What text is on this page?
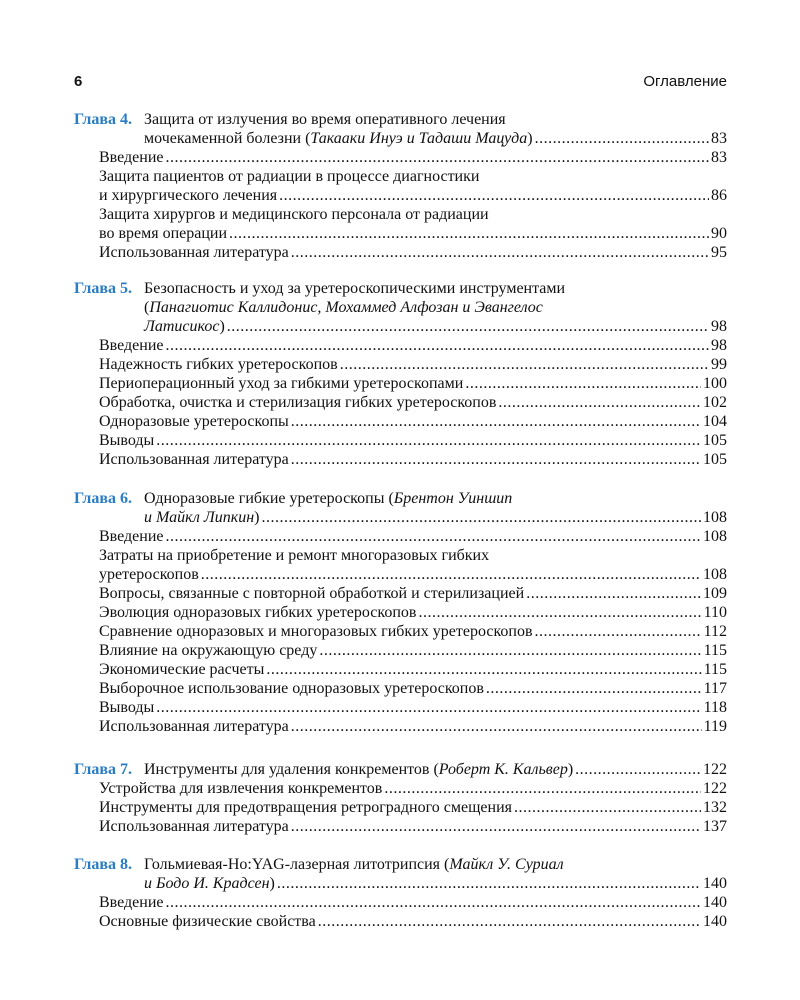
6	Оглавление
Глава 4. Защита от излучения во время оперативного лечения
мочекаменной болезни (Такааки Инуэ и Тадаши Мацуда) .....	83
Введение .....	83
Защита пациентов от радиации в процессе диагностики
и хирургического лечения .....	86
Защита хирургов и медицинского персонала от радиации
во время операции .....	90
Использованная литература .....	95
Глава 5. Безопасность и уход за уретероскопическими инструментами
(Панагиотис Каллидонис, Мохаммед Алфозан и Эвангелос
Латисикос) .....	98
Введение .....	98
Надежность гибких уретероскопов .....	99
Периоперационный уход за гибкими уретероскопами .....	100
Обработка, очистка и стерилизация гибких уретероскопов .....	102
Одноразовые уретероскопы .....	104
Выводы .....	105
Использованная литература .....	105
Глава 6. Одноразовые гибкие уретероскопы (Брентон Уиншип
и Майкл Липкин) .....	108
Введение .....	108
Затраты на приобретение и ремонт многоразовых гибких
уретероскопов .....	108
Вопросы, связанные с повторной обработкой и стерилизацией .....	109
Эволюция одноразовых гибких уретероскопов .....	110
Сравнение одноразовых и многоразовых гибких уретероскопов .....	112
Влияние на окружающую среду .....	115
Экономические расчеты .....	115
Выборочное использование одноразовых уретероскопов .....	117
Выводы .....	118
Использованная литература .....	119
Глава 7. Инструменты для удаления конкрементов (Роберт К. Кальвер) .....	122
Устройства для извлечения конкрементов .....	122
Инструменты для предотвращения ретроградного смещения .....	132
Использованная литература .....	137
Глава 8. Гольмиевая-Ho:YAG-лазерная литотрипсия (Майкл У. Суриал
и Бодо И. Крадсен) .....	140
Введение .....	140
Основные физические свойства .....	140
